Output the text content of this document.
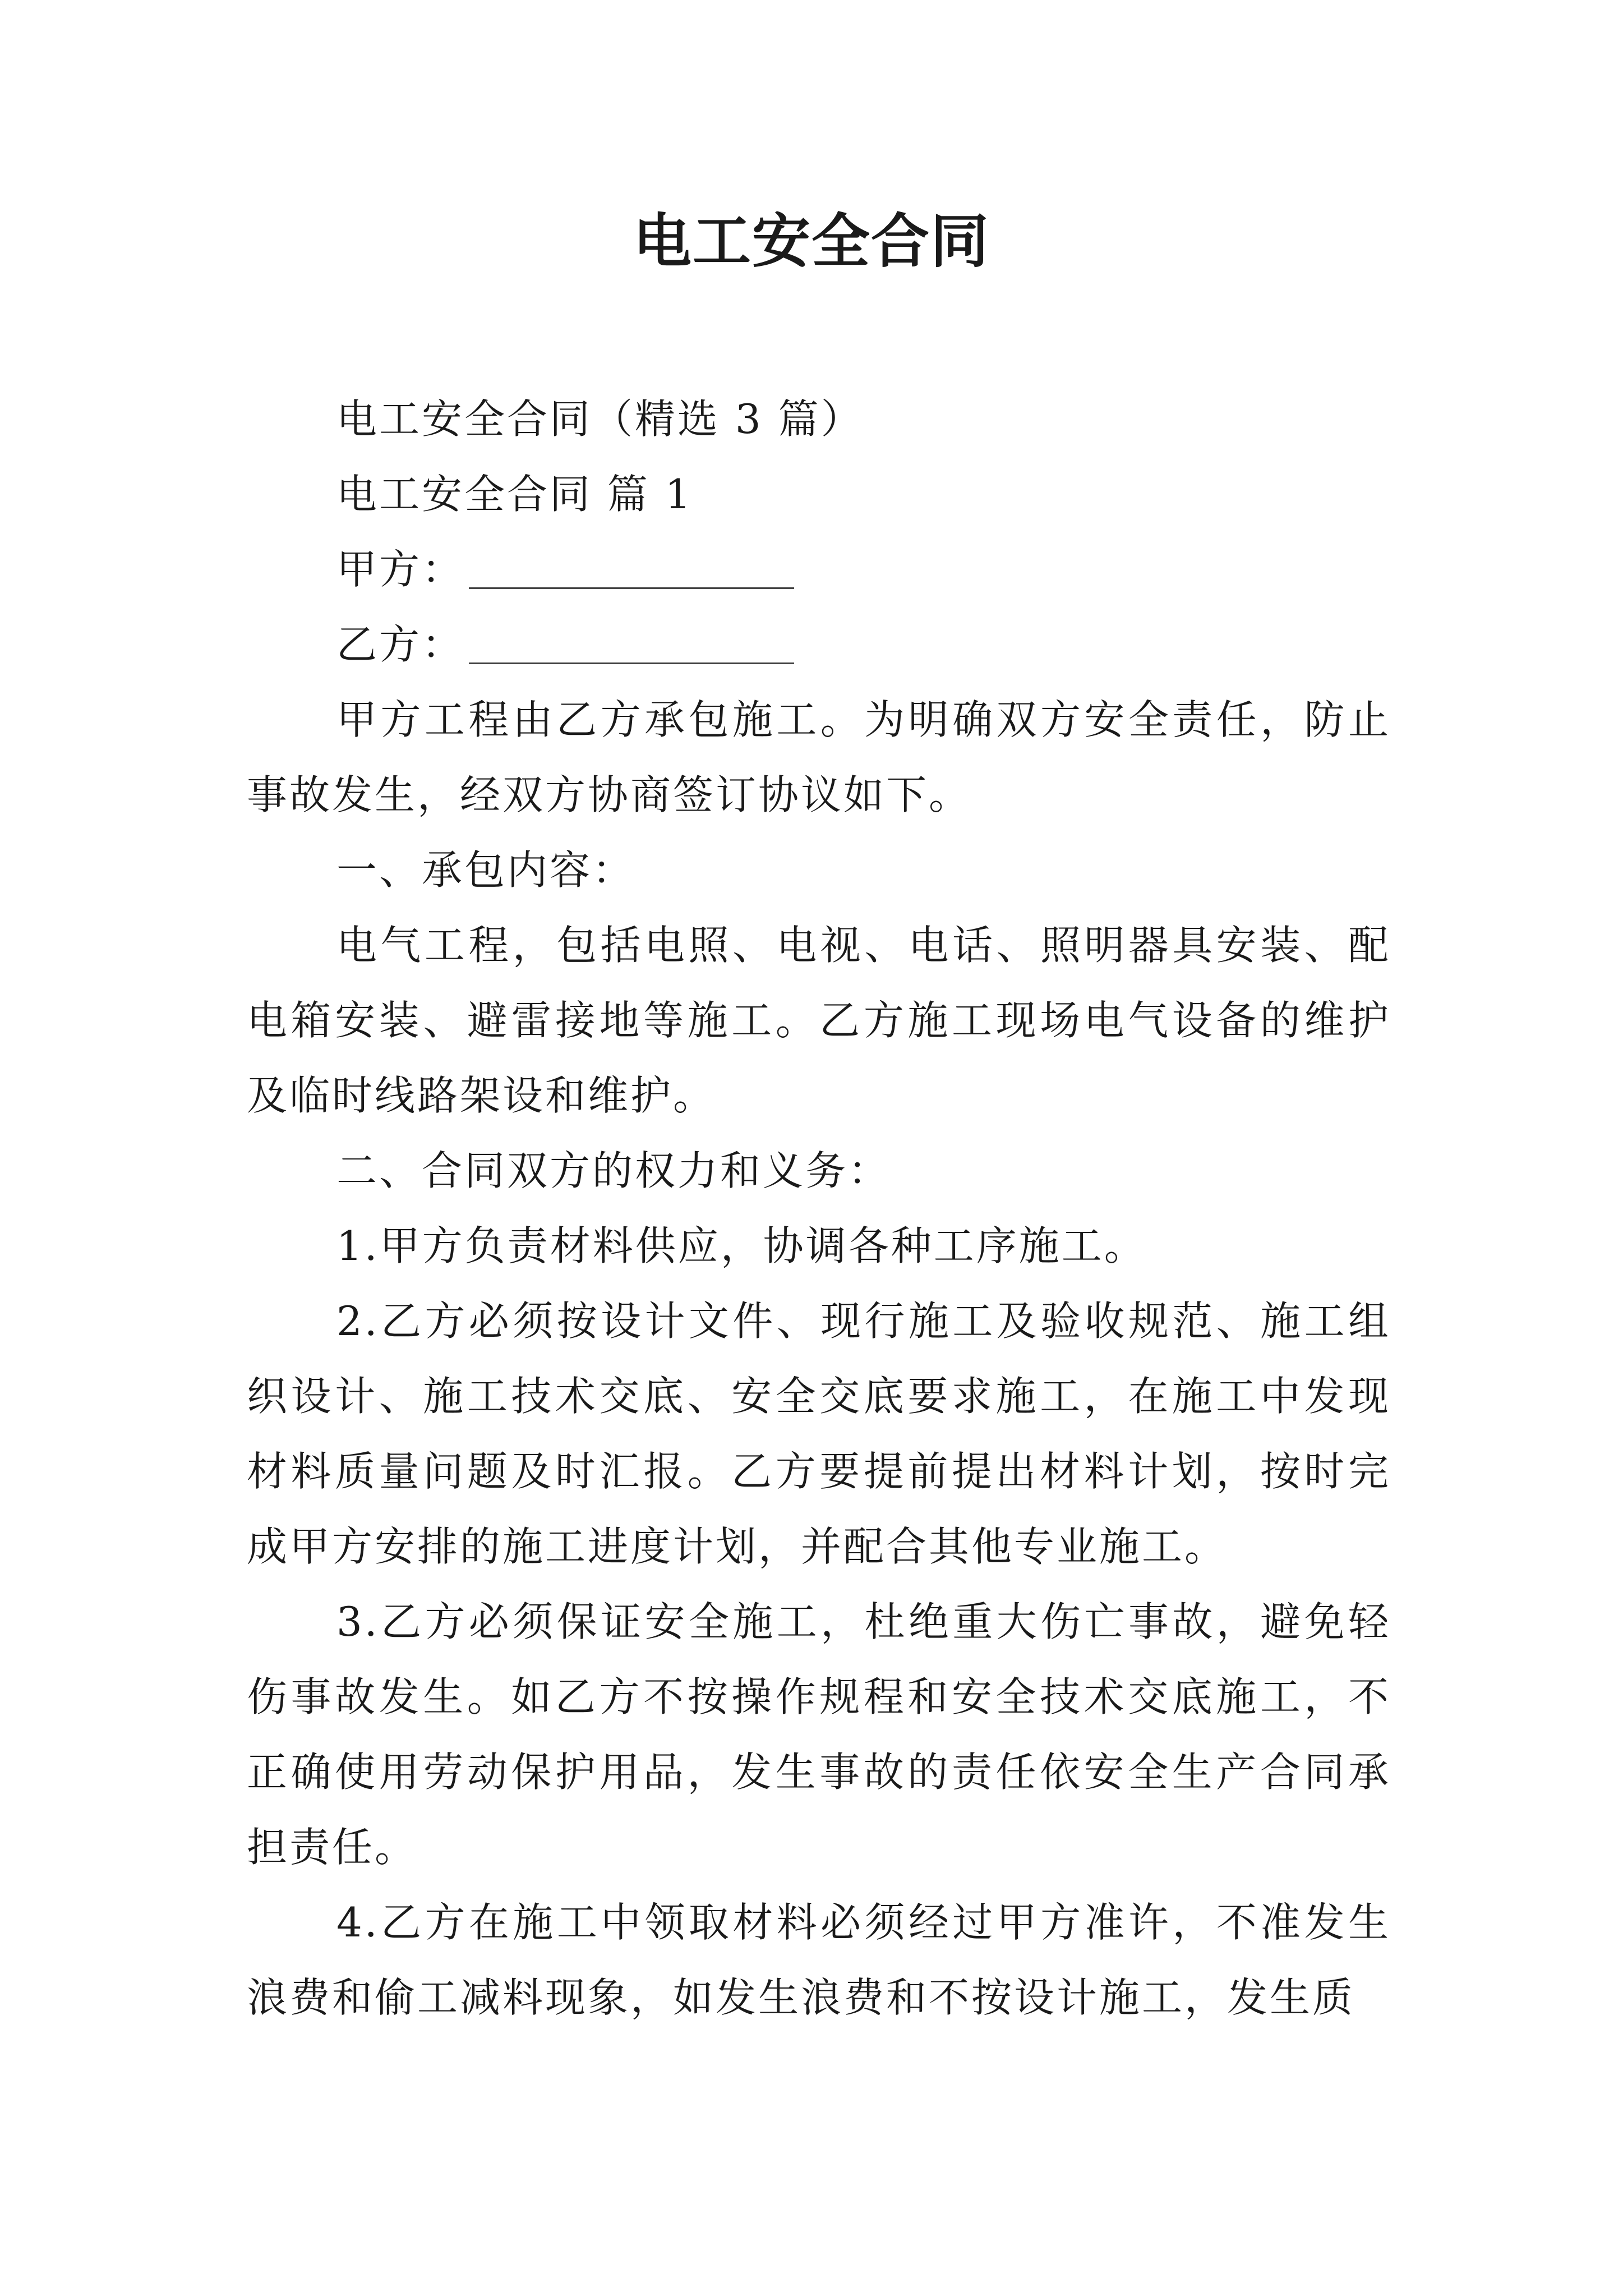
电工安全合同
电工安全合同（精选 3 篇）
电工安全合同 篇 1
甲方：
乙方：

甲方工程由乙方承包施工。为明确双方安全责任，防止事故发生，经双方协商签订协议如下。

一、承包内容：

电气工程，包括电照、电视、电话、照明器具安装、配电箱安装、避雷接地等施工。乙方施工现场电气设备的维护及临时线路架设和维护。

二、合同双方的权力和义务：

1.甲方负责材料供应，协调各种工序施工。

2.乙方必须按设计文件、现行施工及验收规范、施工组织设计、施工技术交底、安全交底要求施工，在施工中发现材料质量问题及时汇报。乙方要提前提出材料计划，按时完成甲方安排的施工进度计划，并配合其他专业施工。

3.乙方必须保证安全施工，杜绝重大伤亡事故，避免轻伤事故发生。如乙方不按操作规程和安全技术交底施工，不正确使用劳动保护用品，发生事故的责任依安全生产合同承担责任。

4.乙方在施工中领取材料必须经过甲方准许，不准发生浪费和偷工减料现象，如发生浪费和不按设计施工，发生质
